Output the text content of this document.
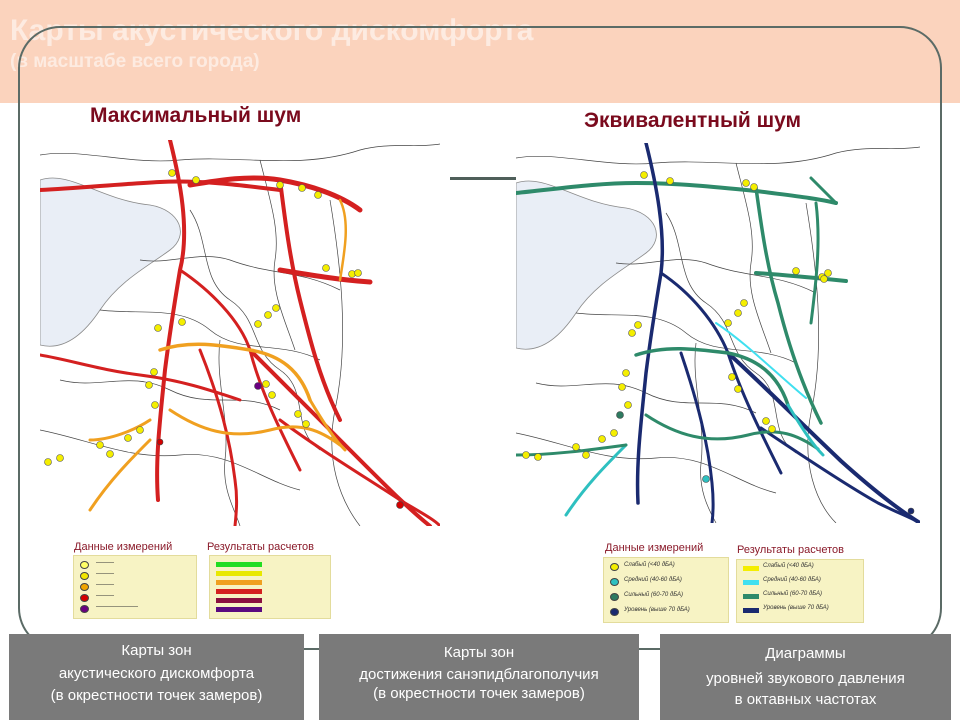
Карты акустического дискомфорта
(в масштабе всего города)
Максимальный шум	Эквивалентный шум
Данные измерений	Результаты расчетов
———
———
———
———
———————
Данные измерений	Результаты расчетов
Слабый (<40 дБА)
Средний (40-60 дБА)
Сильный (60-70 дБА)
Уровень (выше 70 дБА)
Слабый (<40 дБА)
Средний (40-60 дБА)
Сильный (60-70 дБА)
Уровень (выше 70 дБА)
Карты зон
акустического дискомфорта
(в окрестности точек замеров)
Карты зон
достижения санэпидблагополучия
(в окрестности точек замеров)
Диаграммы
уровней звукового давления
в октавных частотах
